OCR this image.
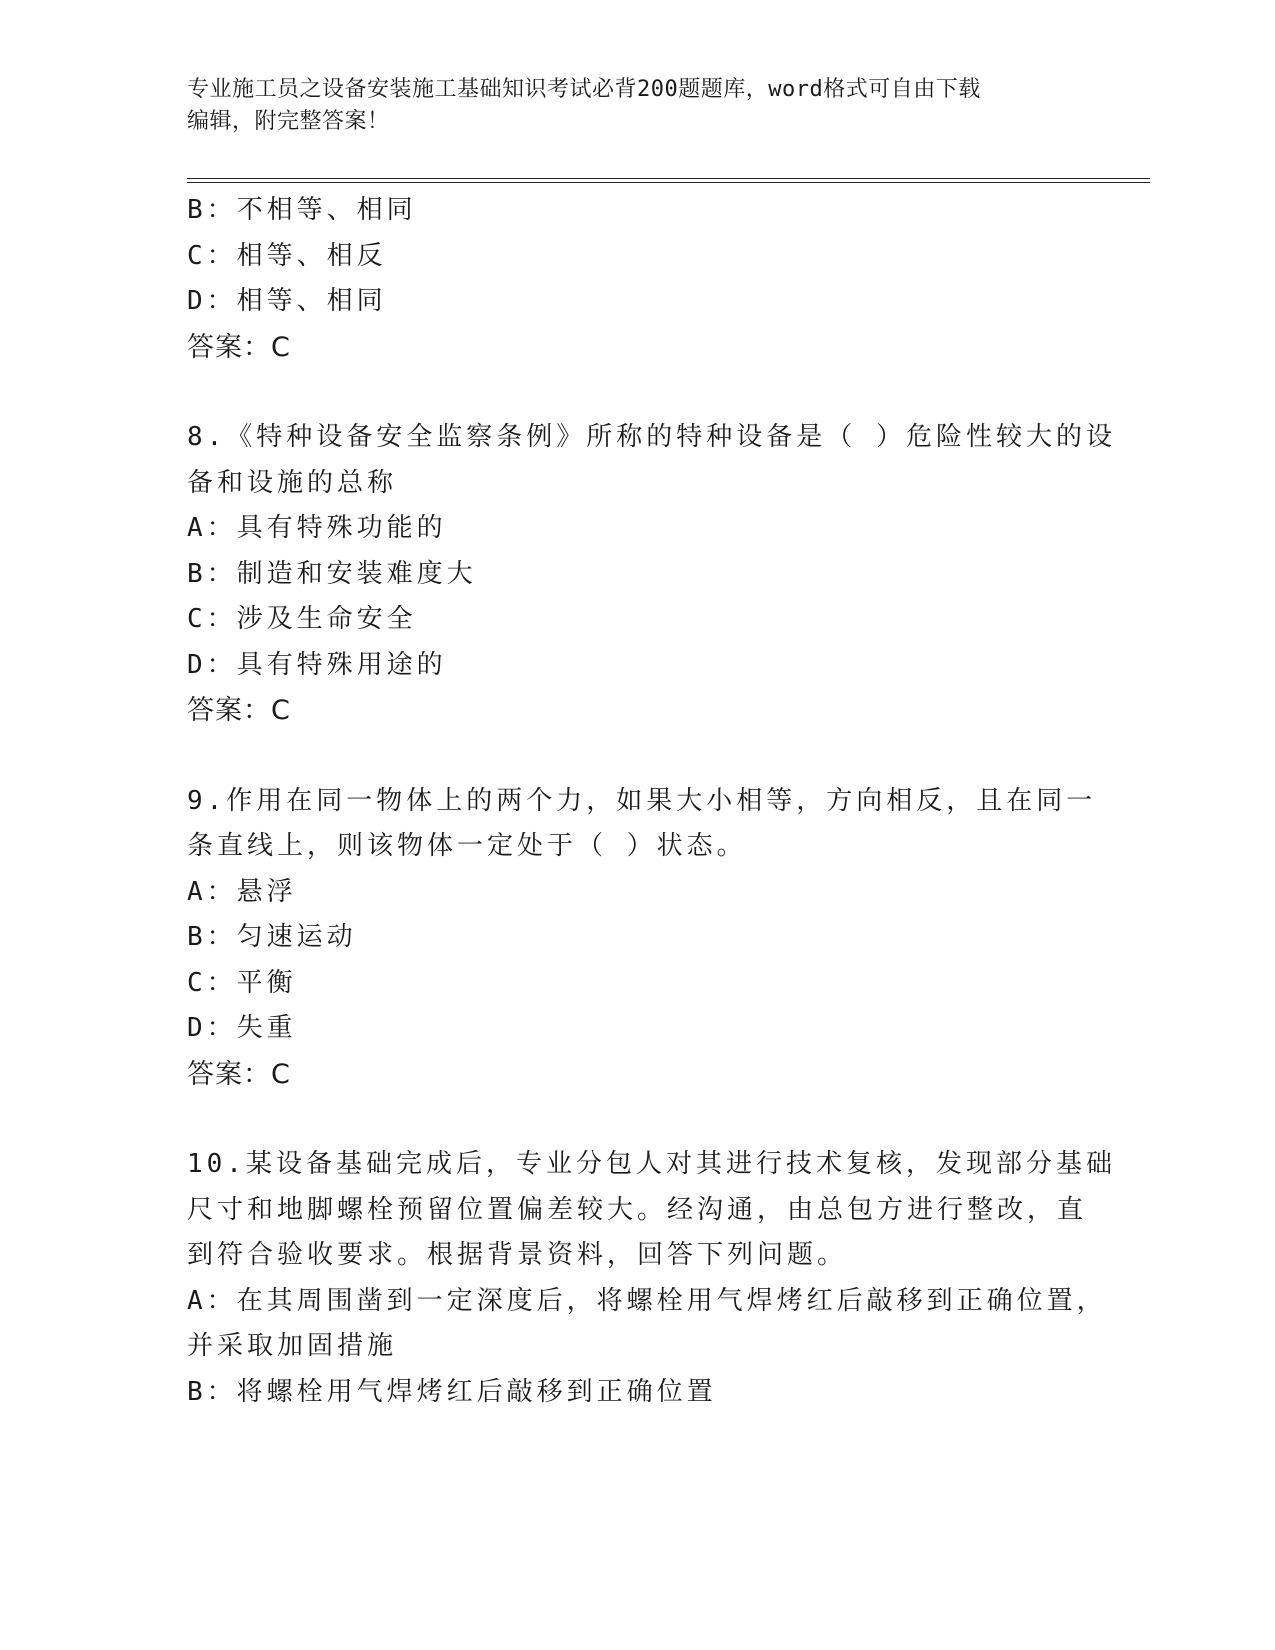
专业施工员之设备安装施工基础知识考试必背200题题库，word格式可自由下载
编辑，附完整答案！
B：不相等、相同
C：相等、相反
D：相等、相同
答案：C
8.《特种设备安全监察条例》所称的特种设备是（ ）危险性较大的设
备和设施的总称
A：具有特殊功能的
B：制造和安装难度大
C：涉及生命安全
D：具有特殊用途的
答案：C
9.作用在同一物体上的两个力，如果大小相等，方向相反，且在同一
条直线上，则该物体一定处于（ ）状态。
A：悬浮
B：匀速运动
C：平衡
D：失重
答案：C
10.某设备基础完成后，专业分包人对其进行技术复核，发现部分基础
尺寸和地脚螺栓预留位置偏差较大。经沟通，由总包方进行整改，直
到符合验收要求。根据背景资料，回答下列问题。
A：在其周围凿到一定深度后，将螺栓用气焊烤红后敲移到正确位置，
并采取加固措施
B：将螺栓用气焊烤红后敲移到正确位置
